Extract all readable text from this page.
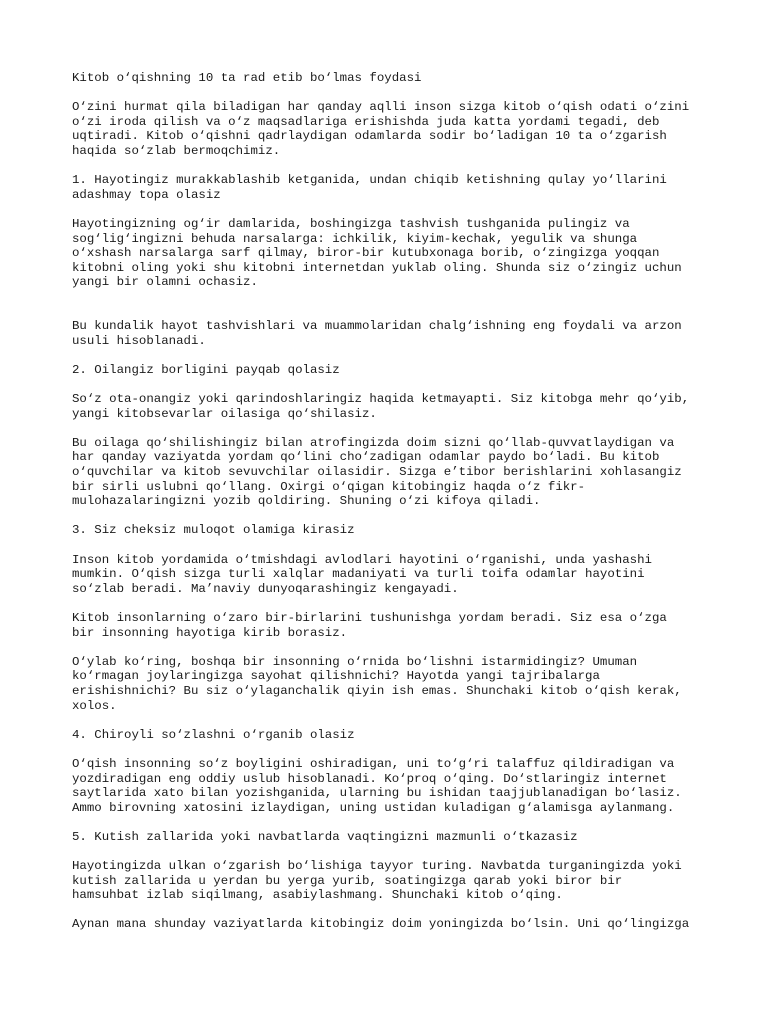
Kitob o‘qishning 10 ta rad etib bo‘lmas foydasi

O‘zini hurmat qila biladigan har qanday aqlli inson sizga kitob o‘qish odati o‘zini
o‘zi iroda qilish va o‘z maqsadlariga erishishda juda katta yordami tegadi, deb
uqtiradi. Kitob o‘qishni qadrlaydigan odamlarda sodir bo‘ladigan 10 ta o‘zgarish
haqida so‘zlab bermoqchimiz.

1. Hayotingiz murakkablashib ketganida, undan chiqib ketishning qulay yo‘llarini
adashmay topa olasiz

Hayotingizning og‘ir damlarida, boshingizga tashvish tushganida pulingiz va
sog‘lig‘ingizni behuda narsalarga: ichkilik, kiyim-kechak, yegulik va shunga
o‘xshash narsalarga sarf qilmay, biror-bir kutubxonaga borib, o‘zingizga yoqqan
kitobni oling yoki shu kitobni internetdan yuklab oling. Shunda siz o‘zingiz uchun
yangi bir olamni ochasiz.

Bu kundalik hayot tashvishlari va muammolaridan chalg‘ishning eng foydali va arzon
usuli hisoblanadi.

2. Oilangiz borligini payqab qolasiz

So‘z ota-onangiz yoki qarindoshlaringiz haqida ketmayapti. Siz kitobga mehr qo‘yib,
yangi kitobsevarlar oilasiga qo‘shilasiz.

Bu oilaga qo‘shilishingiz bilan atrofingizda doim sizni qo‘llab-quvvatlaydigan va
har qanday vaziyatda yordam qo‘lini cho‘zadigan odamlar paydo bo‘ladi. Bu kitob
o‘quvchilar va kitob sevuvchilar oilasidir. Sizga e’tibor berishlarini xohlasangiz
bir sirli uslubni qo‘llang. Oxirgi o‘qigan kitobingiz haqda o‘z fikr-
mulohazalaringizni yozib qoldiring. Shuning o‘zi kifoya qiladi.

3. Siz cheksiz muloqot olamiga kirasiz

Inson kitob yordamida o‘tmishdagi avlodlari hayotini o‘rganishi, unda yashashi
mumkin. O‘qish sizga turli xalqlar madaniyati va turli toifa odamlar hayotini
so‘zlab beradi. Ma’naviy dunyoqarashingiz kengayadi.

Kitob insonlarning o‘zaro bir-birlarini tushunishga yordam beradi. Siz esa o‘zga
bir insonning hayotiga kirib borasiz.

O‘ylab ko‘ring, boshqa bir insonning o‘rnida bo‘lishni istarmidingiz? Umuman
ko‘rmagan joylaringizga sayohat qilishnichi? Hayotda yangi tajribalarga
erishishnichi? Bu siz o‘ylaganchalik qiyin ish emas. Shunchaki kitob o‘qish kerak,
xolos.

4. Chiroyli so‘zlashni o‘rganib olasiz

O‘qish insonning so‘z boyligini oshiradigan, uni to‘g‘ri talaffuz qildiradigan va
yozdiradigan eng oddiy uslub hisoblanadi. Ko‘proq o‘qing. Do‘stlaringiz internet
saytlarida xato bilan yozishganida, ularning bu ishidan taajjublanadigan bo‘lasiz.
Ammo birovning xatosini izlaydigan, uning ustidan kuladigan g‘alamisga aylanmang.

5. Kutish zallarida yoki navbatlarda vaqtingizni mazmunli o‘tkazasiz

Hayotingizda ulkan o‘zgarish bo‘lishiga tayyor turing. Navbatda turganingizda yoki
kutish zallarida u yerdan bu yerga yurib, soatingizga qarab yoki biror bir
hamsuhbat izlab siqilmang, asabiylashmang. Shunchaki kitob o‘qing.

Aynan mana shunday vaziyatlarda kitobingiz doim yoningizda bo‘lsin. Uni qo‘lingizga
